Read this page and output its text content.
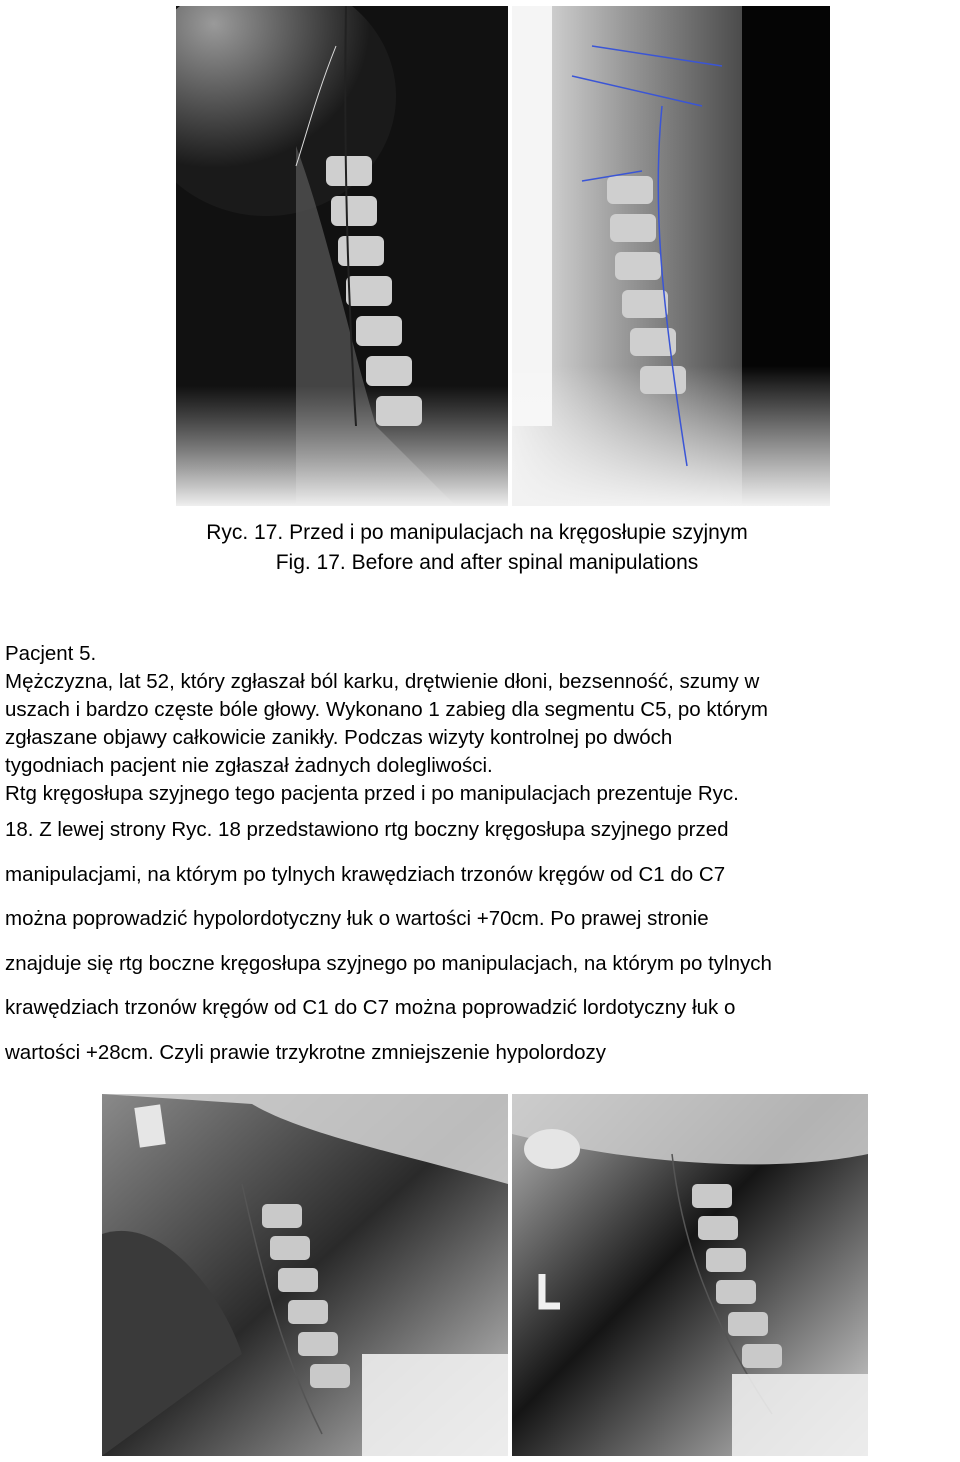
Ryc. 17. Przed i po manipulacjach na kręgosłupie szyjnym
Fig. 17. Before and after spinal manipulations
Pacjent 5.
Mężczyzna, lat 52, który zgłaszał ból karku, drętwienie dłoni, bezsenność, szumy w
uszach i bardzo częste bóle głowy. Wykonano 1 zabieg dla segmentu C5, po którym
zgłaszane objawy całkowicie zanikły. Podczas wizyty kontrolnej po dwóch
tygodniach pacjent nie zgłaszał żadnych dolegliwości.
Rtg kręgosłupa szyjnego tego pacjenta przed i po manipulacjach prezentuje Ryc.
18. Z lewej strony Ryc. 18 przedstawiono rtg boczny kręgosłupa szyjnego przed
manipulacjami, na którym po tylnych krawędziach trzonów kręgów od C1 do C7
można poprowadzić hypolordotyczny łuk o wartości +70cm. Po prawej stronie
znajduje się rtg boczne kręgosłupa szyjnego po manipulacjach, na którym po tylnych
krawędziach trzonów kręgów od C1 do C7 można poprowadzić lordotyczny łuk o
wartości +28cm. Czyli prawie trzykrotne zmniejszenie hypolordozy
